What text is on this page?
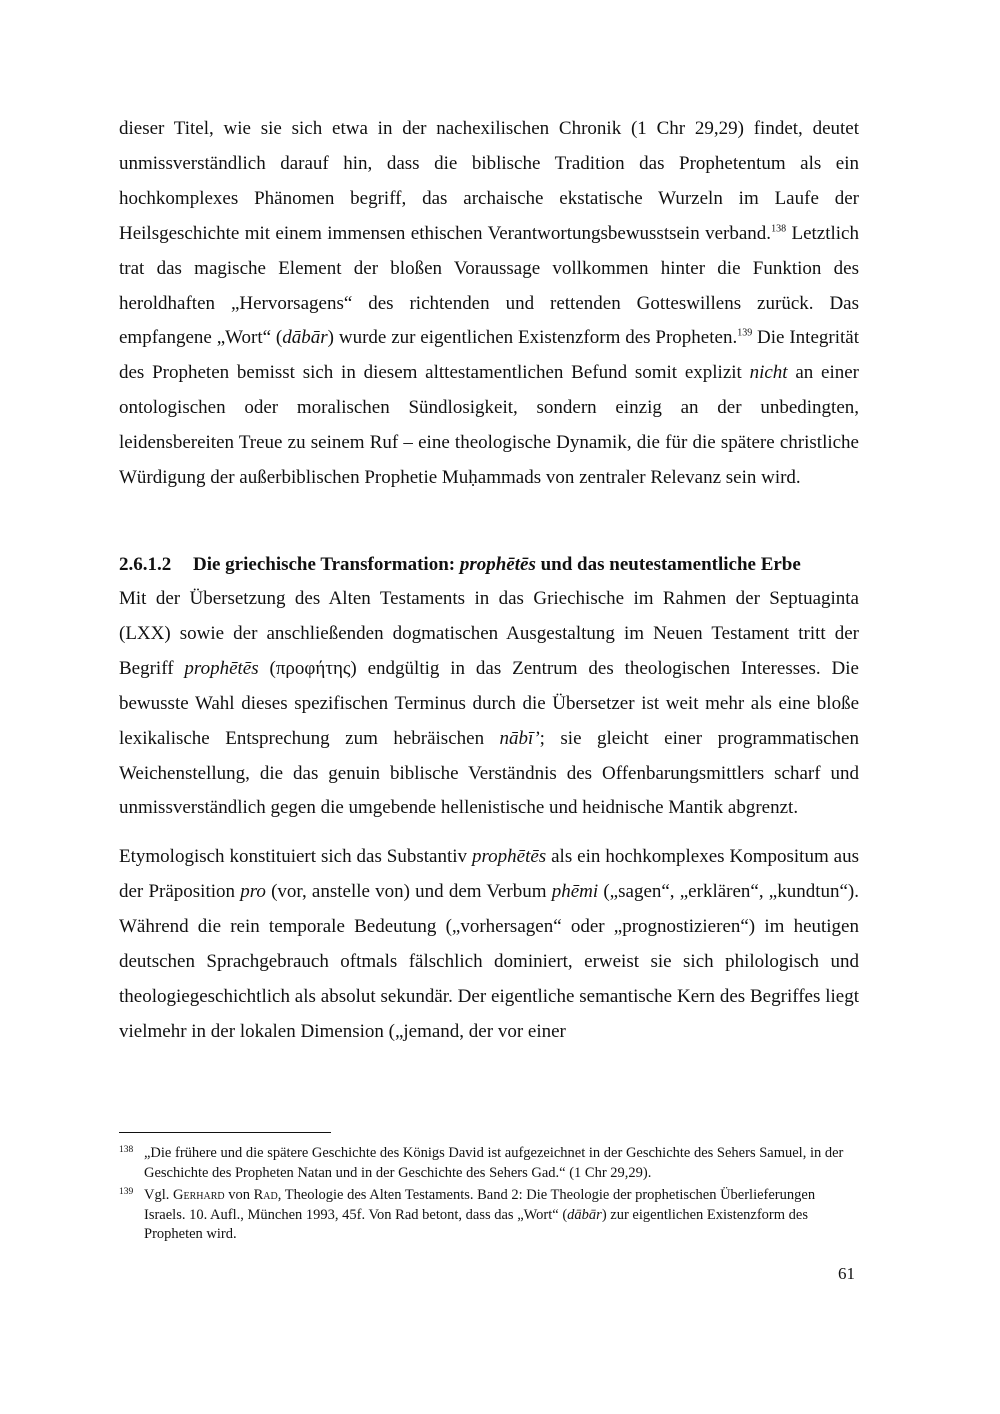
dieser Titel, wie sie sich etwa in der nachexilischen Chronik (1 Chr 29,29) findet, deutet unmissverständlich darauf hin, dass die biblische Tradition das Prophetentum als ein hochkomplexes Phänomen begriff, das archaische ekstatische Wurzeln im Laufe der Heilsgeschichte mit einem immensen ethischen Verantwortungsbewusstsein verband.$^{138}$ Letztlich trat das magische Element der bloßen Voraussage vollkommen hinter die Funktion des heroldhaften „Hervorsagens“ des richtenden und rettenden Gotteswillens zurück. Das empfangene „Wort“ (dābār) wurde zur eigentlichen Existenzform des Propheten.$^{139}$ Die Integrität des Propheten bemisst sich in diesem alttestamentlichen Befund somit explizit nicht an einer ontologischen oder moralischen Sündlosigkeit, sondern einzig an der unbedingten, leidensbereiten Treue zu seinem Ruf – eine theologische Dynamik, die für die spätere christliche Würdigung der außerbiblischen Prophetie Muḥammads von zentraler Relevanz sein wird.

2.6.1.2 Die griechische Transformation: prophētēs und das neutestamentliche Erbe

Mit der Übersetzung des Alten Testaments in das Griechische im Rahmen der Septuaginta (LXX) sowie der anschließenden dogmatischen Ausgestaltung im Neuen Testament tritt der Begriff prophētēs (προφήτης) endgültig in das Zentrum des theologischen Interesses. Die bewusste Wahl dieses spezifischen Terminus durch die Übersetzer ist weit mehr als eine bloße lexikalische Entsprechung zum hebräischen nābī’; sie gleicht einer programmatischen Weichenstellung, die das genuin biblische Verständnis des Offenbarungsmittlers scharf und unmissverständlich gegen die umgebende hellenistische und heidnische Mantik abgrenzt.

Etymologisch konstituiert sich das Substantiv prophētēs als ein hochkomplexes Kompositum aus der Präposition pro (vor, anstelle von) und dem Verbum phēmi („sagen“, „erklären“, „kundtun“). Während die rein temporale Bedeutung („vorhersagen“ oder „prognostizieren“) im heutigen deutschen Sprachgebrauch oftmals fälschlich dominiert, erweist sie sich philologisch und theologiegeschichtlich als absolut sekundär. Der eigentliche semantische Kern des Begriffes liegt vielmehr in der lokalen Dimension („jemand, der vor einer

138 „Die frühere und die spätere Geschichte des Königs David ist aufgezeichnet in der Geschichte des Sehers Samuel, in der Geschichte des Propheten Natan und in der Geschichte des Sehers Gad.“ (1 Chr 29,29).

139 Vgl. Gerhard von Rad, Theologie des Alten Testaments. Band 2: Die Theologie der prophetischen Überlieferungen Israels. 10. Aufl., München 1993, 45f. Von Rad betont, dass das „Wort“ (dābār) zur eigentlichen Existenzform des Propheten wird.

61
